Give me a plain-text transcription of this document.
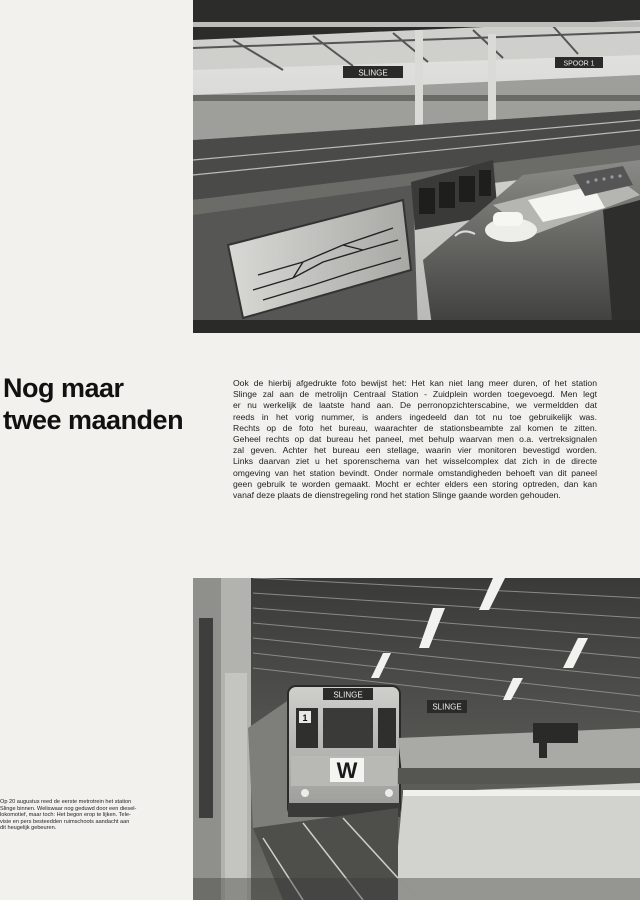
SLINGE
SPOOR 1
Nog maar
twee maanden
Ook de hierbij afgedrukte foto bewijst het: Het kan niet lang meer duren, of het station
Slinge zal aan de metrolijn Centraal Station - Zuidplein worden toegevoegd. Men legt
er nu werkelijk de laatste hand aan. De perronopzichterscabine, we vermeldden dat
reeds in het vorig nummer, is anders ingedeeld dan tot nu toe gebruikelijk was.
Rechts op de foto het bureau, waarachter de stationsbeambte zal komen te zitten.
Geheel rechts op dat bureau het paneel, met behulp waarvan men o.a. vertreksignalen
zal geven. Achter het bureau een stellage, waarin vier monitoren bevestigd worden.
Links daarvan ziet u het sporenschema van het wisselcomplex dat zich in de directe
omgeving van het station bevindt. Onder normale omstandigheden behoeft van dit paneel
geen gebruik te worden gemaakt. Mocht er echter elders een storing optreden, dan kan
vanaf deze plaats de dienstregeling rond het station Slinge gaande worden gehouden.
SLINGE
1
W
SLINGE
Op 20 augustus reed de eerste metrotrein het station
Slinge binnen. Weliswaar nog geduwd door een diesel-
lokomotief, maar toch: Het begon erop te lijken. Tele-
visie en pers besteedden ruimschoots aandacht aan
dit heugelijk gebeuren.
